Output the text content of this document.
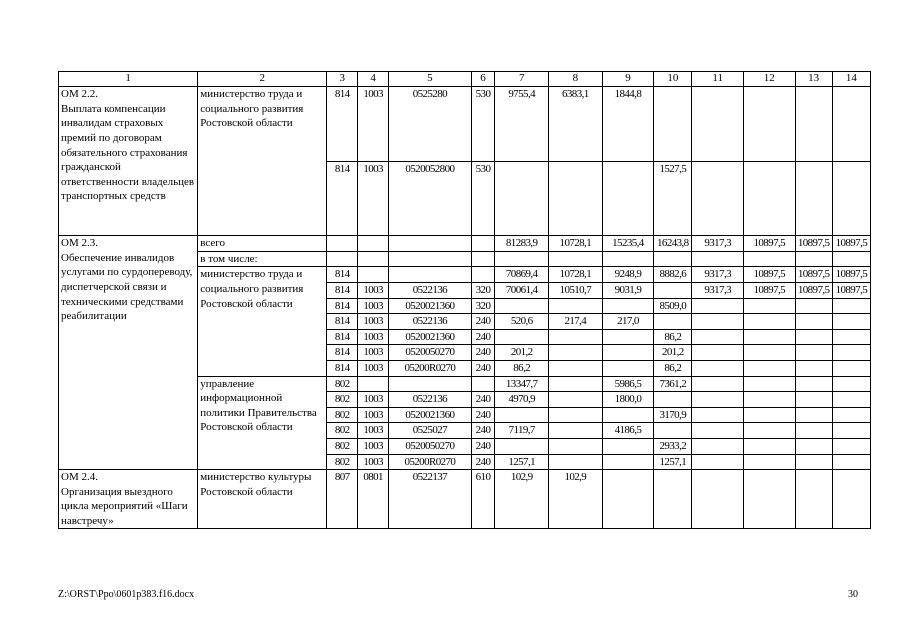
1	2	3	4	5	6	7	8	9	10	11	12	13	14
ОМ 2.2.
Выплата компенсации инвалидам страховых премий по договорам обязательного страхования гражданской ответственности владельцев транспортных средств	министерство труда и социального развития Ростовской области	814	1003	0525280	530	9755,4	6383,1	1844,8					
		814	1003	0520052800	530				1527,5				
ОМ 2.3.
Обеспечение инвалидов услугами по сурдопереводу, диспетчерской связи и техническими средствами реабилитации	всего					81283,9	10728,1	15235,4	16243,8	9317,3	10897,5	10897,5	10897,5
	в том числе:												
	министерство труда и социального развития Ростовской области	814				70869,4	10728,1	9248,9	8882,6	9317,3	10897,5	10897,5	10897,5
		814	1003	0522136	320	70061,4	10510,7	9031,9		9317,3	10897,5	10897,5	10897,5
		814	1003	0520021360	320				8509,0				
		814	1003	0522136	240	520,6	217,4	217,0					
		814	1003	0520021360	240				86,2				
		814	1003	0520050270	240	201,2			201,2				
		814	1003	05200R0270	240	86,2			86,2				
	управление информационной политики Правительства Ростовской области	802				13347,7		5986,5	7361,2				
		802	1003	0522136	240	4970,9		1800,0					
		802	1003	0520021360	240				3170,9				
		802	1003	0525027	240	7119,7		4186,5					
		802	1003	0520050270	240				2933,2				
		802	1003	05200R0270	240	1257,1			1257,1				
ОМ 2.4.
Организация выездного цикла мероприятий «Шаги навстречу»	министерство культуры Ростовской области	807	0801	0522137	610	102,9	102,9						
Z:\ORST\Ppo\0601p383.f16.docx	30
